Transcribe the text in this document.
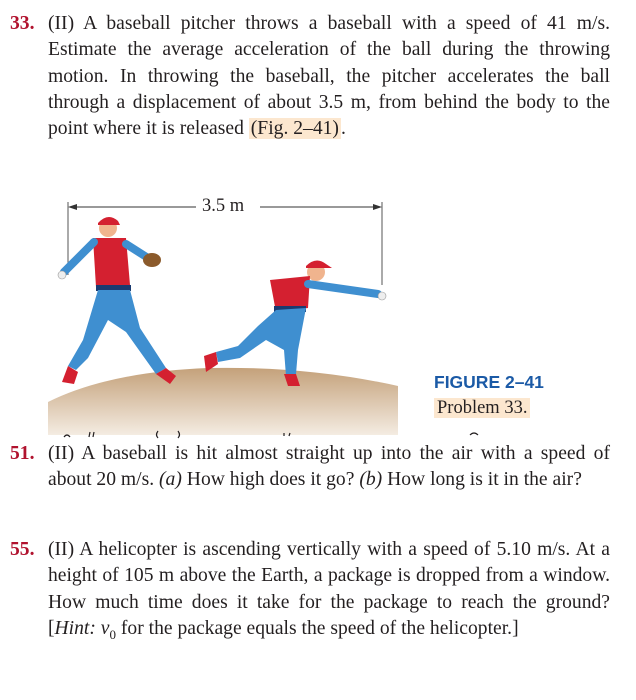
33. (II) A baseball pitcher throws a baseball with a speed of 41 m/s. Estimate the average acceleration of the ball during the throwing motion. In throwing the baseball, the pitcher accelerates the ball through a displacement of about 3.5 m, from behind the body to the point where it is released (Fig. 2–41) .
3.5 m
FIGURE 2–41
Problem 33.
51. (II) A baseball is hit almost straight up into the air with a speed of about 20 m/s. (a) How high does it go? (b) How long is it in the air?
55. (II) A helicopter is ascending vertically with a speed of 5.10 m/s. At a height of 105 m above the Earth, a package is dropped from a window. How much time does it take for the package to reach the ground? [Hint: $v_0$ for the package equals the speed of the helicopter.]
